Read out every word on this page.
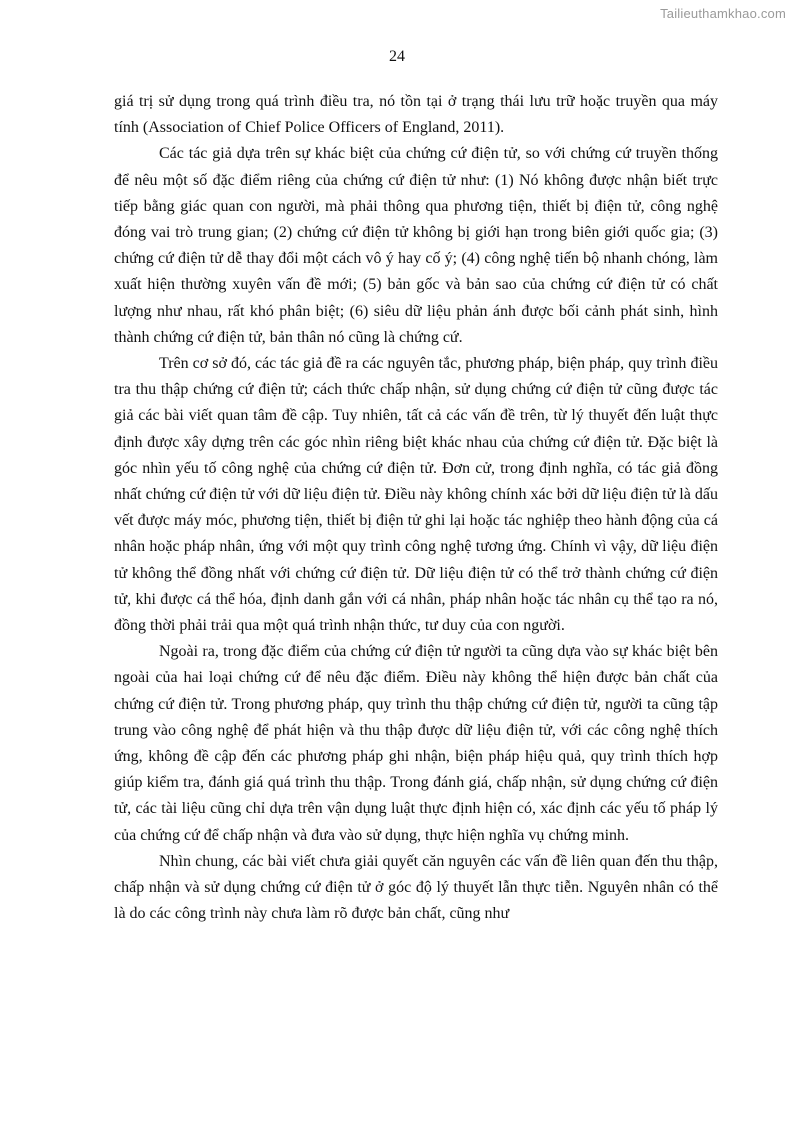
Tailieuthamkhao.com
24

giá trị sử dụng trong quá trình điều tra, nó tồn tại ở trạng thái lưu trữ hoặc truyền qua máy tính (Association of Chief Police Officers of England, 2011).

Các tác giả dựa trên sự khác biệt của chứng cứ điện tử, so với chứng cứ truyền thống để nêu một số đặc điểm riêng của chứng cứ điện tử như: (1) Nó không được nhận biết trực tiếp bằng giác quan con người, mà phải thông qua phương tiện, thiết bị điện tử, công nghệ đóng vai trò trung gian; (2) chứng cứ điện tử không bị giới hạn trong biên giới quốc gia; (3) chứng cứ điện tử dễ thay đổi một cách vô ý hay cố ý; (4) công nghệ tiến bộ nhanh chóng, làm xuất hiện thường xuyên vấn đề mới; (5) bản gốc và bản sao của chứng cứ điện tử có chất lượng như nhau, rất khó phân biệt; (6) siêu dữ liệu phản ánh được bối cảnh phát sinh, hình thành chứng cứ điện tử, bản thân nó cũng là chứng cứ.

Trên cơ sở đó, các tác giả đề ra các nguyên tắc, phương pháp, biện pháp, quy trình điều tra thu thập chứng cứ điện tử; cách thức chấp nhận, sử dụng chứng cứ điện tử cũng được tác giả các bài viết quan tâm đề cập. Tuy nhiên, tất cả các vấn đề trên, từ lý thuyết đến luật thực định được xây dựng trên các góc nhìn riêng biệt khác nhau của chứng cứ điện tử. Đặc biệt là góc nhìn yếu tố công nghệ của chứng cứ điện tử. Đơn cử, trong định nghĩa, có tác giả đồng nhất chứng cứ điện tử với dữ liệu điện tử. Điều này không chính xác bởi dữ liệu điện tử là dấu vết được máy móc, phương tiện, thiết bị điện tử ghi lại hoặc tác nghiệp theo hành động của cá nhân hoặc pháp nhân, ứng với một quy trình công nghệ tương ứng. Chính vì vậy, dữ liệu điện tử không thể đồng nhất với chứng cứ điện tử. Dữ liệu điện tử có thể trở thành chứng cứ điện tử, khi được cá thể hóa, định danh gắn với cá nhân, pháp nhân hoặc tác nhân cụ thể tạo ra nó, đồng thời phải trải qua một quá trình nhận thức, tư duy của con người.

Ngoài ra, trong đặc điểm của chứng cứ điện tử người ta cũng dựa vào sự khác biệt bên ngoài của hai loại chứng cứ để nêu đặc điểm. Điều này không thể hiện được bản chất của chứng cứ điện tử. Trong phương pháp, quy trình thu thập chứng cứ điện tử, người ta cũng tập trung vào công nghệ để phát hiện và thu thập được dữ liệu điện tử, với các công nghệ thích ứng, không đề cập đến các phương pháp ghi nhận, biện pháp hiệu quả, quy trình thích hợp giúp kiểm tra, đánh giá quá trình thu thập. Trong đánh giá, chấp nhận, sử dụng chứng cứ điện tử, các tài liệu cũng chỉ dựa trên vận dụng luật thực định hiện có, xác định các yếu tố pháp lý của chứng cứ để chấp nhận và đưa vào sử dụng, thực hiện nghĩa vụ chứng minh.

Nhìn chung, các bài viết chưa giải quyết căn nguyên các vấn đề liên quan đến thu thập, chấp nhận và sử dụng chứng cứ điện tử ở góc độ lý thuyết lẫn thực tiễn. Nguyên nhân có thể là do các công trình này chưa làm rõ được bản chất, cũng như
